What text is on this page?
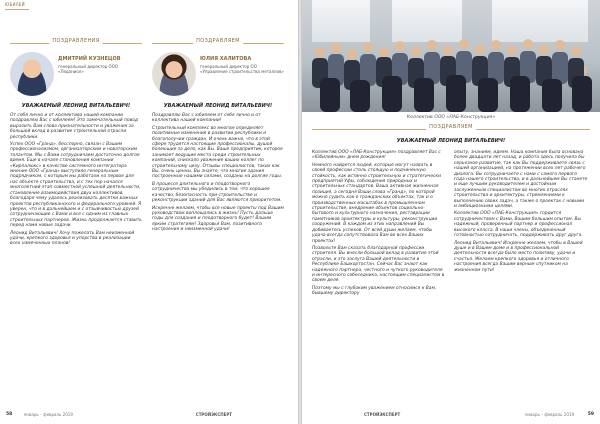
ЮБИЛЕЙ
ПОЗДРАВЛЕНИЯ
ДМИТРИЙ КУЗНЕЦОВ
генеральный директор ООО «Леданиол»
УВАЖАЕМЫЙ ЛЕОНИД ВИТАЛЬЕВИЧ!

От себя лично и от коллектива нашей компании поздравляю Вас с юбилеем! Это замечательный повод выразить Вам слова признательности и уважения за большой вклад в развитие строительной отрасли республики.

Успех ООО «Гранд», бесспорно, связан с Вашим профессионализмом, организаторским и новаторским талантом. Мы с Вами сотрудничаем достаточно долгое время. Еще в начале становления компании «Кирпалюкс» в качестве системного интегратора мнение ООО «Гранд» выступило генеральным подрядчиком, с которым мы работали на первое для нас объекте строительства, и с тех пор начался многолетний этап совместной успешной деятельности, становление взаимодействия двух коллективов, благодаря чему удалось реализовать десятки важных проектов республиканского и федерального уровней. Я уверен, что и в дальнейшем и с отзывчивостью друзей сотрудничающие с Вами и все с одним из главных строительных партнеров. Жизнь продолжается ставить перед нами новые задачи.

Леонид Витальевич! Хочу пожелать Вам неизменной удачи, крепкого здоровья и упорства в реализации всех намеченных планов!

ПОЗДРАВЛЯЕМ
ЮЛИЯ ХАЛИТОВА
генеральный директор ОО «Управление строительства металлов»
УВАЖАЕМЫЙ ЛЕОНИД ВИТАЛЬЕВИЧ!

Поздравляю Вас с юбилеем от себя лично и от коллектива нашей компании!

Строительный комплекс во многом определяет позитивные изменения в развитии республики и благополучии граждан. И очень важно, что в этой сфере трудятся настоящие профессионалы, душой болеющие за дело, как Вы. Ваше предприятие, которое занимает ведущие места среди строительных компаний, снискало уважение ваших коллег по строительному цеху. Отзывы специалистов, таких как Вы, очень ценны. Вы знаете, что многие здания построенные нашими силами, созданы на долгие годы.

В процессе длительного и плодотворного сотрудничества мы убедились в том, что хорошее качество, безопасность при строительстве и реконструкции зданий для Вас являются приоритетом.

Искренне желаем, чтобы все новые проекты под Вашим руководством воплощались в жизнь! Пусть дальше годы для создания и плодотворного будет! Вашим ярким стратегиям! Здоровья Вам, позитивного настроения и неизменной удачи!

58	январь – февраль 2019	СТРОЙЭКСПЕРТ
Коллектив ООО «ЛАБ-Конструкция»
ПОЗДРАВЛЯЕМ
УВАЖАЕМЫЙ ЛЕОНИД ВИТАЛЬЕВИЧ!

Коллектив ООО «ЛАБ-Конструкция» поздравляет Вас с «Юбилейным» днем рождения!

Немного найдется людей, которые могут назвать в своей профессии столь стоящую и подчиненную стойкость, как истинно строительную и стратегически предприятий Уфы, соблюдения природных и строительных стандартов. Ваша активная жизненная позиция, а сегодня Ваши слова «Гранд», по которой можно судить как о гражданских объектах, так и о производственных масштабах в промышленном строительстве, внедрение объектов социально-бытового и культурного назначения, реставрации памятников архитектуры и культуры, реконструкции сооружений. В каждом из этих направлений Вы добиваетесь успехов. От всей души желаем, чтобы удача всегда сопутствовала Вам во всех Ваших проектах!

Позвольте Вам сказать благодарной профессии строителя. Вы внесли большой вклад в развитие этой отрасли, и это заслуга Вашей деятельности в Республике Башкортостан. Сейчас Вас знают как надежного партнера, честного и чуткого руководителя и интересного собеседника, настоящим специалистом в своем деле.

Поэтому мы с глубоким уважением относимся к Вам, бывшему директору

опыту, знаниям, идеям. Наша компания была основана более двадцати лет назад, и работа здесь получила бы серьезное развитие, так как Вы поддерживаете связь с нашей организацией, на протяжении всех лет рабочего диалога. Вы сотрудничаете с нами с самого первого года нашего строительства, и в дальнейшем Вы станете и еще лучшим руководителем и достойным заслуженным специалистом во многих отраслях строительства и архитектуры, стремлениями к выполнению своих задач, а также о проектах с новыми и амбициозными целями.

Коллектив ООО «ЛАБ-Конструкция» гордится сотрудничеством с Вами, Вашим большим опытом. Вы надежный, проверенный партнер и профессионал высокого класса. В наши члены, объединенный готовностью сотрудничать, поддерживать друг друга.

Леонид Витальевич! Искренне желаем, чтобы в Вашей душе и в Вашем доме и в профессиональной деятельности всегда было место позитиву, удачи и счастья. Желаем крепкого здоровья и отличного настроения всегда Вашим верным спутником на жизненном пути!

СТРОЙЭКСПЕРТ	январь – февраль 2019	59
